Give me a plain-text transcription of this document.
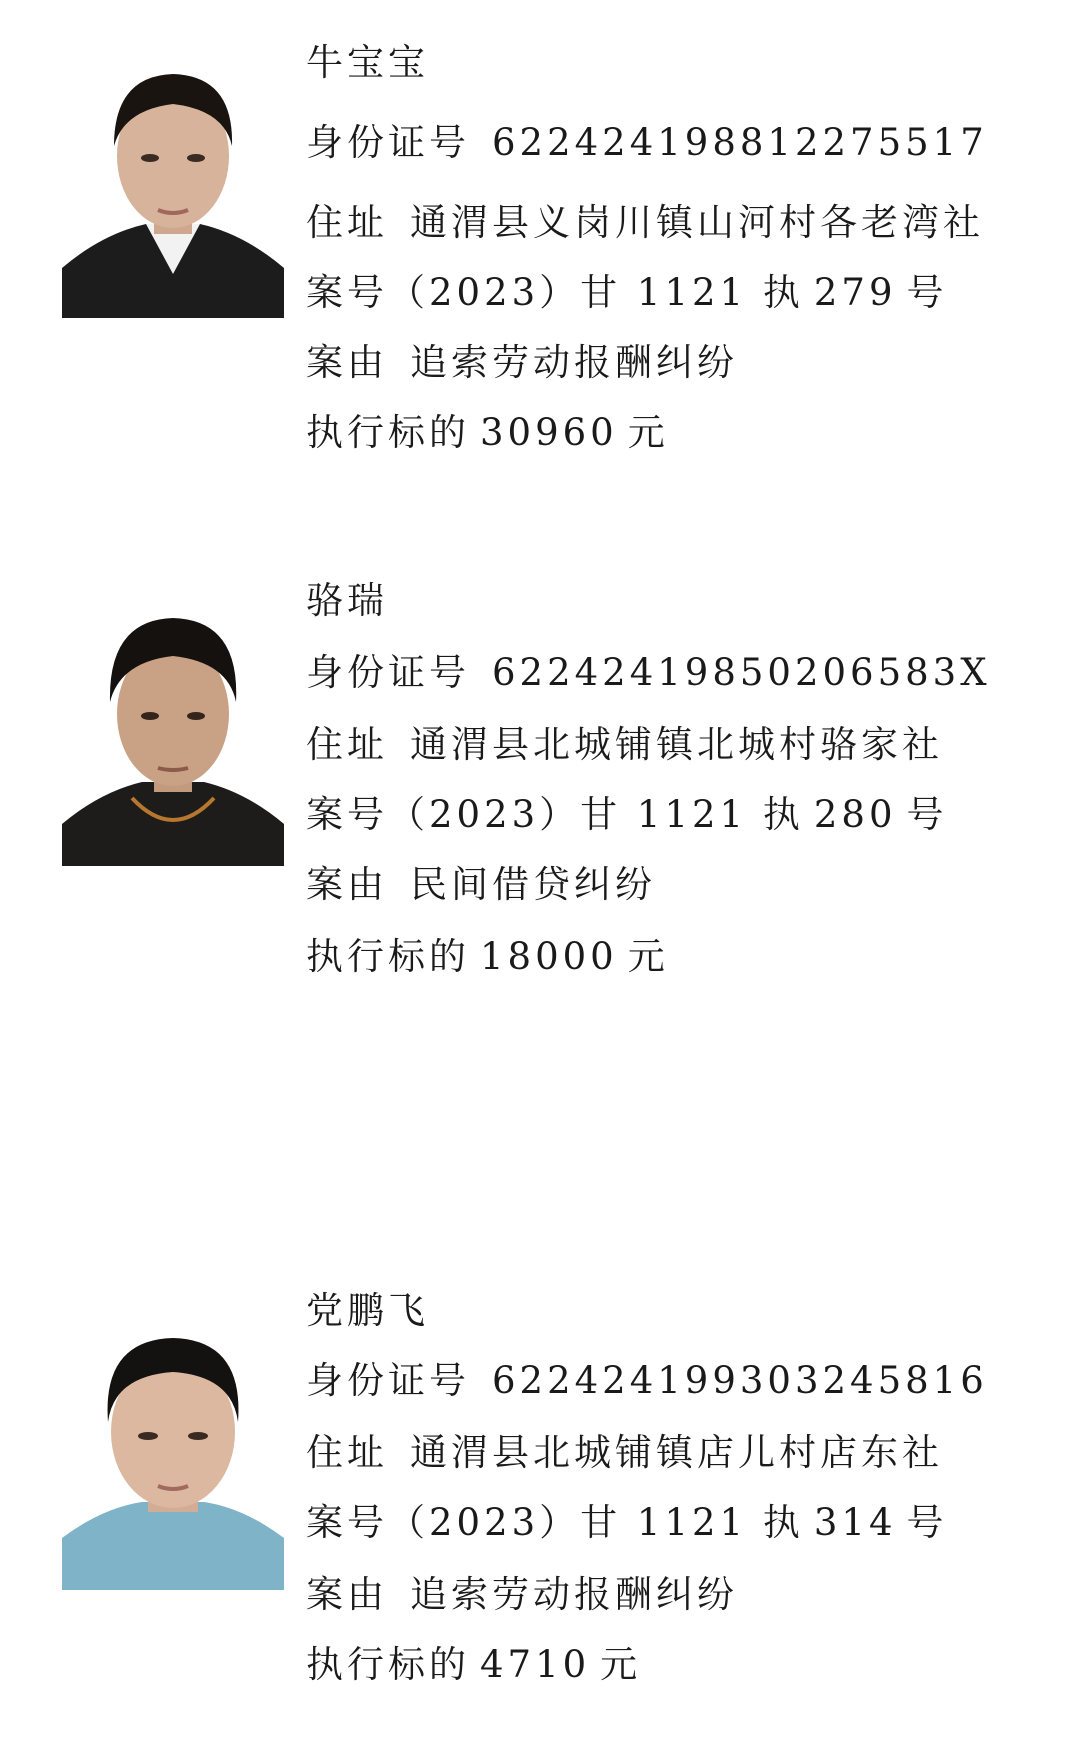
牛宝宝
身份证号 622424198812275517
住址 通渭县义岗川镇山河村各老湾社
案号（2023）甘 1121 执 279 号
案由 追索劳动报酬纠纷
执行标的 30960 元
骆瑞
身份证号 62242419850206583X
住址 通渭县北城铺镇北城村骆家社
案号（2023）甘 1121 执 280 号
案由 民间借贷纠纷
执行标的 18000 元
党鹏飞
身份证号 622424199303245816
住址 通渭县北城铺镇店儿村店东社
案号（2023）甘 1121 执 314 号
案由 追索劳动报酬纠纷
执行标的 4710 元
